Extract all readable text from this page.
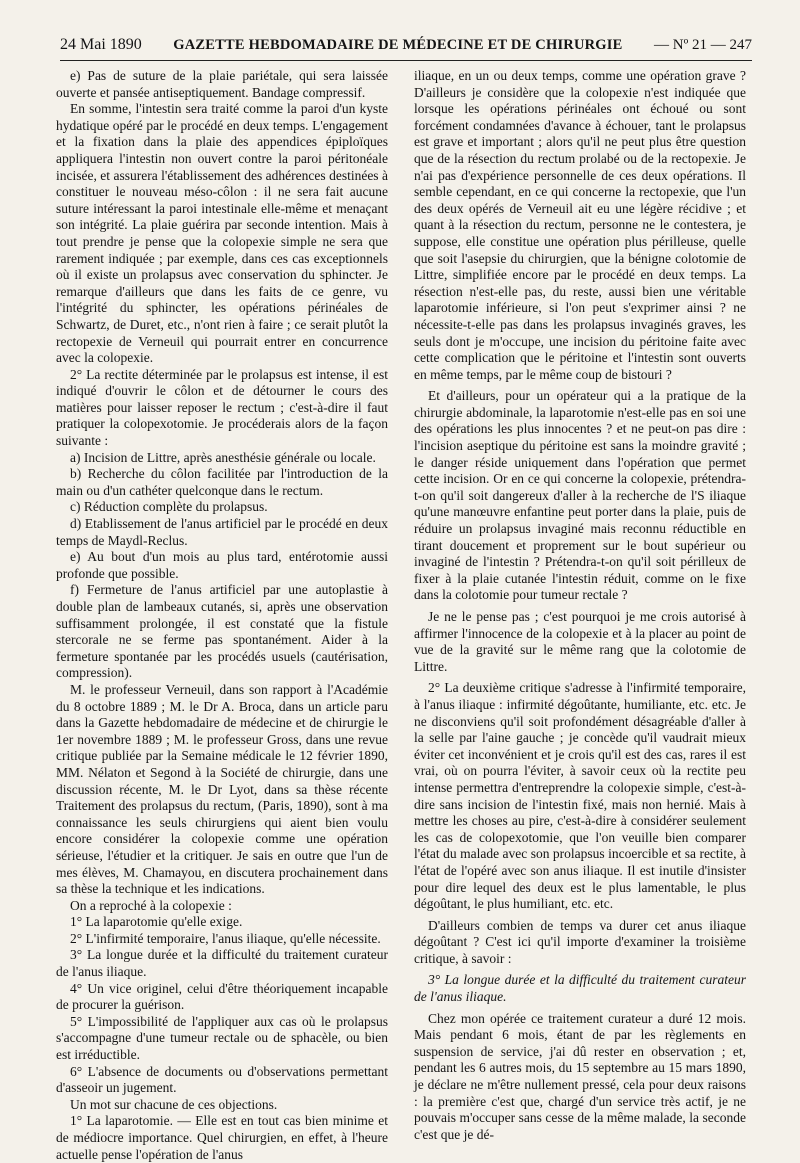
24 Mai 1890 GAZETTE HEBDOMADAIRE DE MÉDECINE ET DE CHIRURGIE — Nº 21 — 247

e) Pas de suture de la plaie pariétale, qui sera laissée ouverte et pansée antiseptiquement. Bandage compressif.

En somme, l'intestin sera traité comme la paroi d'un kyste hydatique opéré par le procédé en deux temps. L'engagement et la fixation dans la plaie des appendices épiploïques appliquera l'intestin non ouvert contre la paroi péritonéale incisée, et assurera l'établissement des adhérences destinées à constituer le nouveau méso-côlon : il ne sera fait aucune suture intéressant la paroi intestinale elle-même et menaçant son intégrité. La plaie guérira par seconde intention. Mais à tout prendre je pense que la colopexie simple ne sera que rarement indiquée ; par exemple, dans ces cas exceptionnels où il existe un prolapsus avec conservation du sphincter. Je remarque d'ailleurs que dans les faits de ce genre, vu l'intégrité du sphincter, les opérations périnéales de Schwartz, de Duret, etc., n'ont rien à faire ; ce serait plutôt la rectopexie de Verneuil qui pourrait entrer en concurrence avec la colopexie.

2° La rectite déterminée par le prolapsus est intense, il est indiqué d'ouvrir le côlon et de détourner le cours des matières pour laisser reposer le rectum ; c'est-à-dire il faut pratiquer la colopexotomie. Je procéderais alors de la façon suivante :

a) Incision de Littre, après anesthésie générale ou locale.

b) Recherche du côlon facilitée par l'introduction de la main ou d'un cathéter quelconque dans le rectum.

c) Réduction complète du prolapsus.

d) Etablissement de l'anus artificiel par le procédé en deux temps de Maydl-Reclus.

e) Au bout d'un mois au plus tard, entérotomie aussi profonde que possible.

f) Fermeture de l'anus artificiel par une autoplastie à double plan de lambeaux cutanés, si, après une observation suffisamment prolongée, il est constaté que la fistule stercorale ne se ferme pas spontanément. Aider à la fermeture spontanée par les procédés usuels (cautérisation, compression).

M. le professeur Verneuil, dans son rapport à l'Académie du 8 octobre 1889 ; M. le Dr A. Broca, dans un article paru dans la Gazette hebdomadaire de médecine et de chirurgie le 1er novembre 1889 ; M. le professeur Gross, dans une revue critique publiée par la Semaine médicale le 12 février 1890, MM. Nélaton et Segond à la Société de chirurgie, dans une discussion récente, M. le Dr Lyot, dans sa thèse récente Traitement des prolapsus du rectum, (Paris, 1890), sont à ma connaissance les seuls chirurgiens qui aient bien voulu encore considérer la colopexie comme une opération sérieuse, l'étudier et la critiquer. Je sais en outre que l'un de mes élèves, M. Chamayou, en discutera prochainement dans sa thèse la technique et les indications.

On a reproché à la colopexie :

1° La laparotomie qu'elle exige.

2° L'infirmité temporaire, l'anus iliaque, qu'elle nécessite.

3° La longue durée et la difficulté du traitement curateur de l'anus iliaque.

4° Un vice originel, celui d'être théoriquement incapable de procurer la guérison.

5° L'impossibilité de l'appliquer aux cas où le prolapsus s'accompagne d'une tumeur rectale ou de sphacèle, ou bien est irréductible.

6° L'absence de documents ou d'observations permettant d'asseoir un jugement.

Un mot sur chacune de ces objections.

1° La laparotomie. — Elle est en tout cas bien minime et de médiocre importance. Quel chirurgien, en effet, à l'heure actuelle pense l'opération de l'anus

iliaque, en un ou deux temps, comme une opération grave ? D'ailleurs je considère que la colopexie n'est indiquée que lorsque les opérations périnéales ont échoué ou sont forcément condamnées d'avance à échouer, tant le prolapsus est grave et important ; alors qu'il ne peut plus être question que de la résection du rectum prolabé ou de la rectopexie. Je n'ai pas d'expérience personnelle de ces deux opérations. Il semble cependant, en ce qui concerne la rectopexie, que l'un des deux opérés de Verneuil ait eu une légère récidive ; et quant à la résection du rectum, personne ne le contestera, je suppose, elle constitue une opération plus périlleuse, quelle que soit l'asepsie du chirurgien, que la bénigne colotomie de Littre, simplifiée encore par le procédé en deux temps. La résection n'est-elle pas, du reste, aussi bien une véritable laparotomie inférieure, si l'on peut s'exprimer ainsi ? ne nécessite-t-elle pas dans les prolapsus invaginés graves, les seuls dont je m'occupe, une incision du péritoine faite avec cette complication que le péritoine et l'intestin sont ouverts en même temps, par le même coup de bistouri ?

Et d'ailleurs, pour un opérateur qui a la pratique de la chirurgie abdominale, la laparotomie n'est-elle pas en soi une des opérations les plus innocentes ? et ne peut-on pas dire : l'incision aseptique du péritoine est sans la moindre gravité ; le danger réside uniquement dans l'opération que permet cette incision. Or en ce qui concerne la colopexie, prétendra-t-on qu'il soit dangereux d'aller à la recherche de l'S iliaque qu'une manœuvre enfantine peut porter dans la plaie, puis de réduire un prolapsus invaginé mais reconnu réductible en tirant doucement et proprement sur le bout supérieur ou invaginé de l'intestin ? Prétendra-t-on qu'il soit périlleux de fixer à la plaie cutanée l'intestin réduit, comme on le fixe dans la colotomie pour tumeur rectale ?

Je ne le pense pas ; c'est pourquoi je me crois autorisé à affirmer l'innocence de la colopexie et à la placer au point de vue de la gravité sur le même rang que la colotomie de Littre.

2° La deuxième critique s'adresse à l'infirmité temporaire, à l'anus iliaque : infirmité dégoûtante, humiliante, etc. etc. Je ne disconviens qu'il soit profondément désagréable d'aller à la selle par l'aine gauche ; je concède qu'il vaudrait mieux éviter cet inconvénient et je crois qu'il est des cas, rares il est vrai, où on pourra l'éviter, à savoir ceux où la rectite peu intense permettra d'entreprendre la colopexie simple, c'est-à-dire sans incision de l'intestin fixé, mais non hernié. Mais à mettre les choses au pire, c'est-à-dire à considérer seulement les cas de colopexotomie, que l'on veuille bien comparer l'état du malade avec son prolapsus incoercible et sa rectite, à l'état de l'opéré avec son anus iliaque. Il est inutile d'insister pour dire lequel des deux est le plus lamentable, le plus dégoûtant, le plus humiliant, etc. etc.

D'ailleurs combien de temps va durer cet anus iliaque dégoûtant ? C'est ici qu'il importe d'examiner la troisième critique, à savoir :

3° La longue durée et la difficulté du traitement curateur de l'anus iliaque.

Chez mon opérée ce traitement curateur a duré 12 mois. Mais pendant 6 mois, étant de par les règlements en suspension de service, j'ai dû rester en observation ; et, pendant les 6 autres mois, du 15 septembre au 15 mars 1890, je déclare ne m'être nullement pressé, cela pour deux raisons : la première c'est que, chargé d'un service très actif, je ne pouvais m'occuper sans cesse de la même malade, la seconde c'est que je dé-
